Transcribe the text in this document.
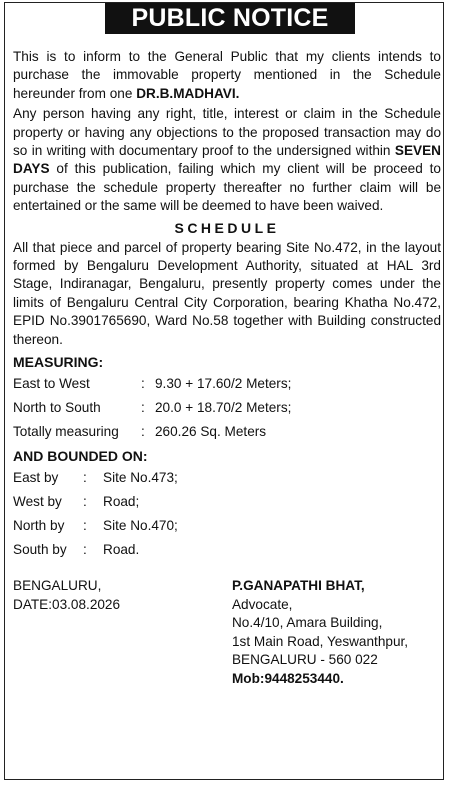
PUBLIC NOTICE

This is to inform to the General Public that my clients intends to purchase the immovable property mentioned in the Schedule hereunder from one DR.B.MADHAVI.

Any person having any right, title, interest or claim in the Schedule property or having any objections to the proposed transaction may do so in writing with documentary proof to the undersigned within SEVEN DAYS of this publication, failing which my client will be proceed to purchase the schedule property thereafter no further claim will be entertained or the same will be deemed to have been waived.

SCHEDULE

All that piece and parcel of property bearing Site No.472, in the layout formed by Bengaluru Development Authority, situated at HAL 3rd Stage, Indiranagar, Bengaluru, presently property comes under the limits of Bengaluru Central City Corporation, bearing Khatha No.472, EPID No.3901765690, Ward No.58 together with Building constructed thereon.

MEASURING:
East to West	: 9.30 + 17.60/2 Meters;
North to South	: 20.0 + 18.70/2 Meters;
Totally measuring	: 260.26 Sq. Meters
AND BOUNDED ON:
East by	:	Site No.473;
West by	:	Road;
North by	:	Site No.470;
South by	:	Road.
BENGALURU,
DATE:03.08.2026
P.GANAPATHI BHAT,
Advocate,
No.4/10, Amara Building,
1st Main Road, Yeswanthpur,
BENGALURU - 560 022
Mob:9448253440.
